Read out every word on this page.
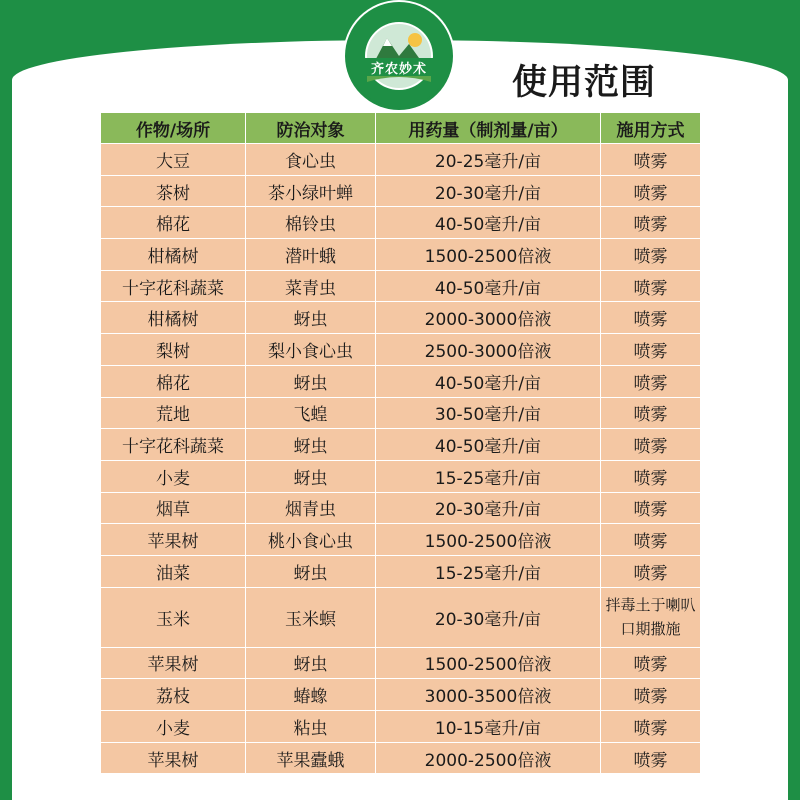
齐农妙术	使用范围
作物/场所	防治对象	用药量（制剂量/亩）	施用方式
大豆	食心虫	20-25毫升/亩	喷雾
茶树	茶小绿叶蝉	20-30毫升/亩	喷雾
棉花	棉铃虫	40-50毫升/亩	喷雾
柑橘树	潜叶蛾	1500-2500倍液	喷雾
十字花科蔬菜	菜青虫	40-50毫升/亩	喷雾
柑橘树	蚜虫	2000-3000倍液	喷雾
梨树	梨小食心虫	2500-3000倍液	喷雾
棉花	蚜虫	40-50毫升/亩	喷雾
荒地	飞蝗	30-50毫升/亩	喷雾
十字花科蔬菜	蚜虫	40-50毫升/亩	喷雾
小麦	蚜虫	15-25毫升/亩	喷雾
烟草	烟青虫	20-30毫升/亩	喷雾
苹果树	桃小食心虫	1500-2500倍液	喷雾
油菜	蚜虫	15-25毫升/亩	喷雾
玉米	玉米螟	20-30毫升/亩	拌毒土于喇叭口期撒施
苹果树	蚜虫	1500-2500倍液	喷雾
荔枝	蝽蟓	3000-3500倍液	喷雾
小麦	粘虫	10-15毫升/亩	喷雾
苹果树	苹果蠹蛾	2000-2500倍液	喷雾
